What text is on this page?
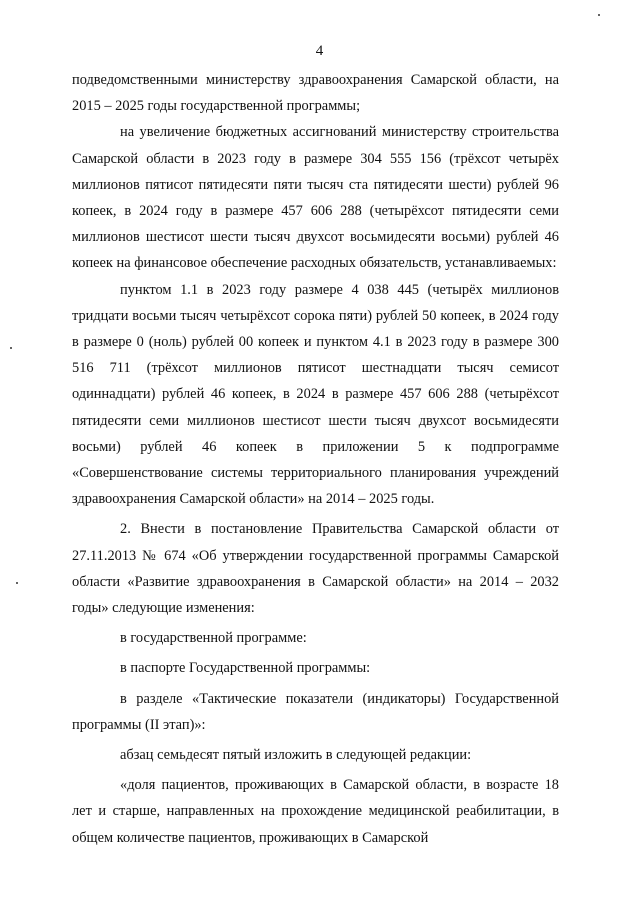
4

подведомственными министерству здравоохранения Самарской области, на 2015 – 2025 годы государственной программы;

на увеличение бюджетных ассигнований министерству строительства Самарской области в 2023 году в размере 304 555 156 (трёхсот четырёх миллионов пятисот пятидесяти пяти тысяч ста пятидесяти шести) рублей 96 копеек, в 2024 году в размере 457 606 288 (четырёхсот пятидесяти семи миллионов шестисот шести тысяч двухсот восьмидесяти восьми) рублей 46 копеек на финансовое обеспечение расходных обязательств, устанавливаемых:

пунктом 1.1 в 2023 году размере 4 038 445 (четырёх миллионов тридцати восьми тысяч четырёхсот сорока пяти) рублей 50 копеек, в 2024 году в размере 0 (ноль) рублей 00 копеек и пунктом 4.1 в 2023 году в размере 300 516 711 (трёхсот миллионов пятисот шестнадцати тысяч семисот одиннадцати) рублей 46 копеек, в 2024 в размере 457 606 288 (четырёхсот пятидесяти семи миллионов шестисот шести тысяч двухсот восьмидесяти восьми) рублей 46 копеек в приложении 5 к подпрограмме «Совершенствование системы территориального планирования учреждений здравоохранения Самарской области» на 2014 – 2025 годы.

2. Внести в постановление Правительства Самарской области от 27.11.2013 № 674 «Об утверждении государственной программы Самарской области «Развитие здравоохранения в Самарской области» на 2014 – 2032 годы» следующие изменения:

в государственной программе:

в паспорте Государственной программы:

в разделе «Тактические показатели (индикаторы) Государственной программы (II этап)»:

абзац семьдесят пятый изложить в следующей редакции:

«доля пациентов, проживающих в Самарской области, в возрасте 18 лет и старше, направленных на прохождение медицинской реабилитации, в общем количестве пациентов, проживающих в Самарской
